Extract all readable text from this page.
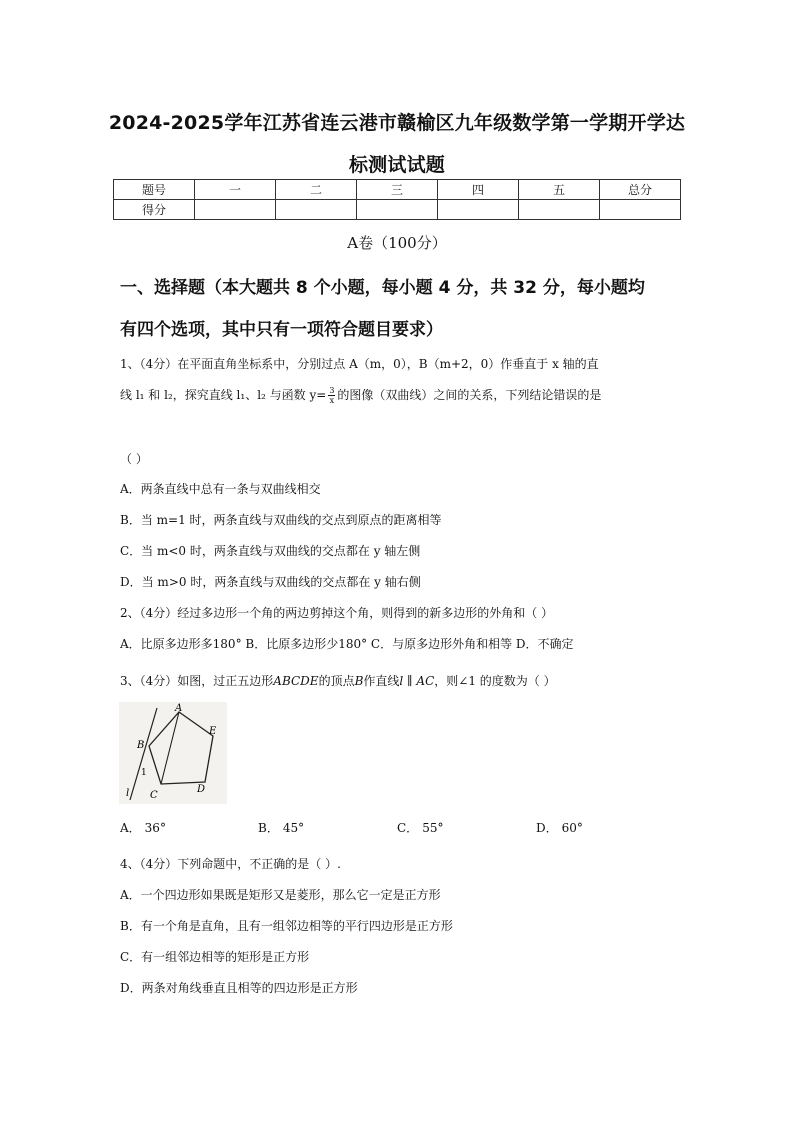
2024-2025学年江苏省连云港市赣榆区九年级数学第一学期开学达
标测试试题
题号	一	二	三	四	五	总分
得分						
A卷（100分）
一、选择题（本大题共 8 个小题，每小题 4 分，共 32 分，每小题均
有四个选项，其中只有一项符合题目要求）
1、（4分）在平面直角坐标系中，分别过点 A（m，0），B（m+2，0）作垂直于 x 轴的直
线 l₁ 和 l₂，探究直线 l₁、l₂ 与函数 $y= \frac{3}{x}$ 的图像（双曲线）之间的关系，下列结论错误的是
（ ）
A．两条直线中总有一条与双曲线相交
B．当 m=1 时，两条直线与双曲线的交点到原点的距离相等
C．当 m<0 时，两条直线与双曲线的交点都在 y 轴左侧
D．当 m>0 时，两条直线与双曲线的交点都在 y 轴右侧
2、（4分）经过多边形一个角的两边剪掉这个角，则得到的新多边形的外角和（ ）
A．比原多边形多180° B．比原多边形少180° C．与原多边形外角和相等 D．不确定
3、（4分）如图，过正五边形ABCDE的顶点B作直线l ∥ AC，则∠1 的度数为（ ）
A
B
C
D
E
1
l
A． 36°	B． 45°	C． 55°	D． 60°
4、（4分）下列命题中，不正确的是（ ）.
A．一个四边形如果既是矩形又是菱形，那么它一定是正方形
B．有一个角是直角，且有一组邻边相等的平行四边形是正方形
C．有一组邻边相等的矩形是正方形
D．两条对角线垂直且相等的四边形是正方形
